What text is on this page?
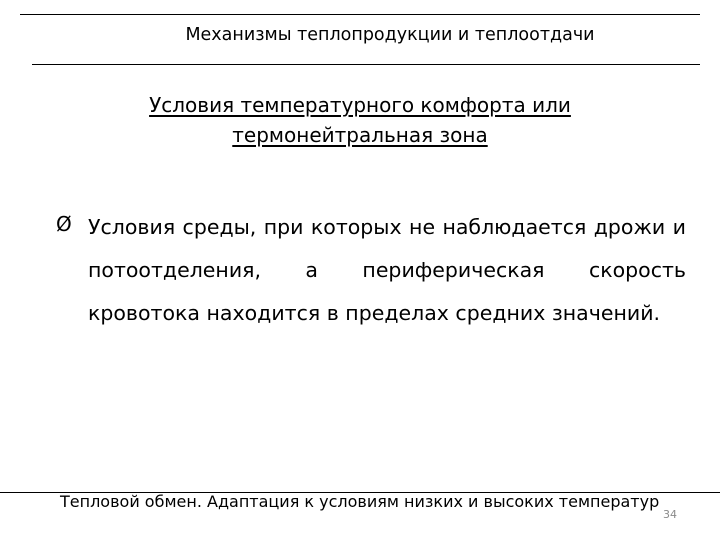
Механизмы теплопродукции и теплоотдачи
Условия температурного комфорта или
термонейтральная зона
Ø Условия среды, при которых не наблюдается дрожи и потоотделения, а периферическая скорость кровотока находится в пределах средних значений.
Тепловой обмен. Адаптация к условиям низких и высоких температур
34
